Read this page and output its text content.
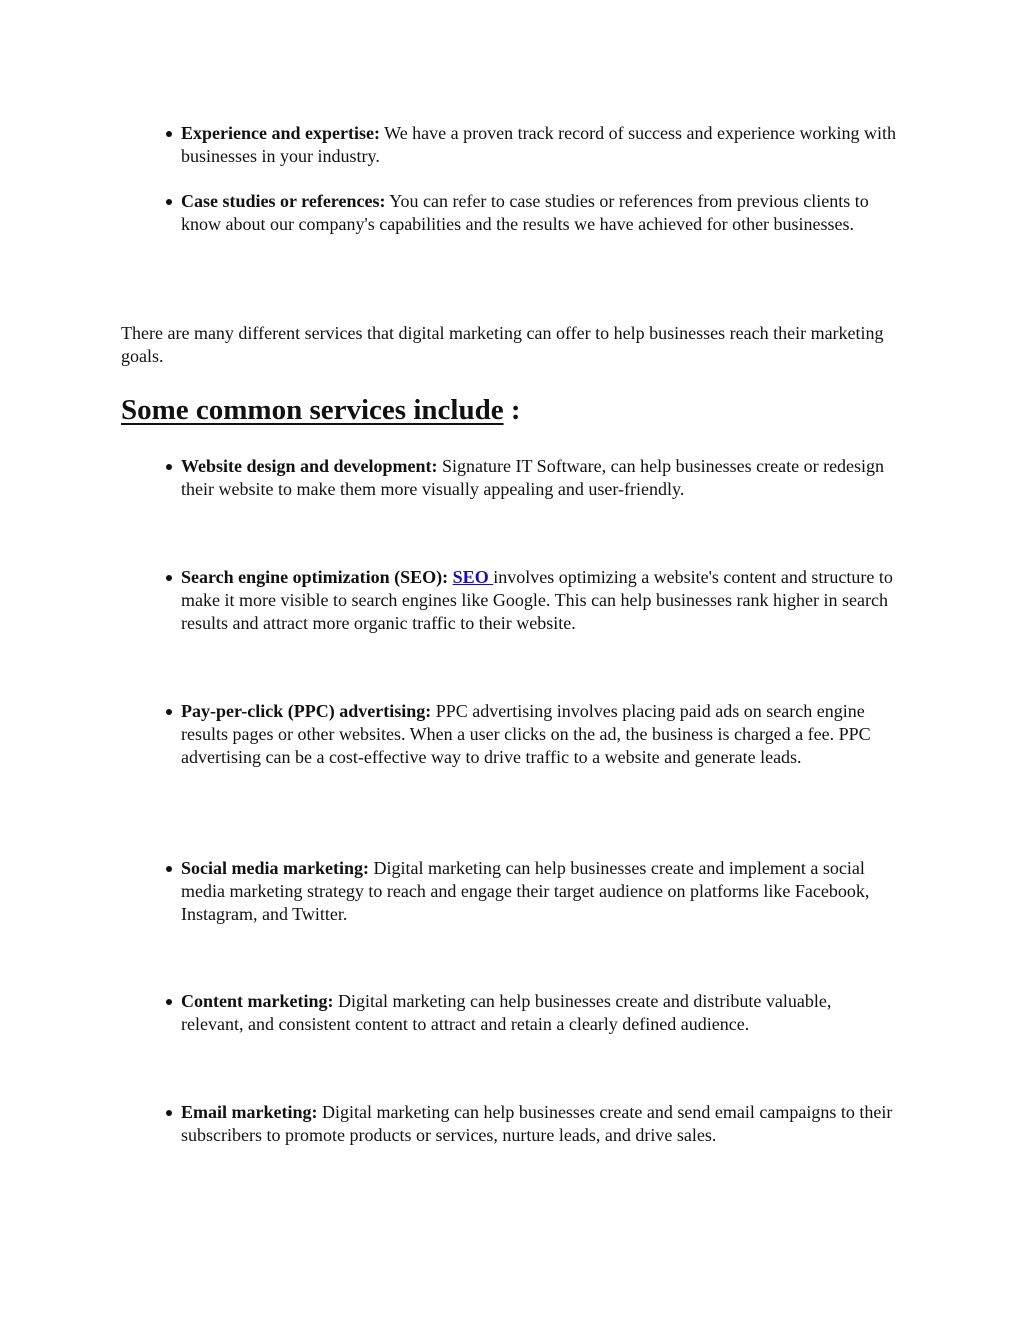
Experience and expertise: We have a proven track record of success and experience working with businesses in your industry.
Case studies or references: You can refer to case studies or references from previous clients to know about our company's capabilities and the results we have achieved for other businesses.
There are many different services that digital marketing can offer to help businesses reach their marketing goals.
Some common services include :
Website design and development: Signature IT Software, can help businesses create or redesign their website to make them more visually appealing and user-friendly.
Search engine optimization (SEO): SEO involves optimizing a website's content and structure to make it more visible to search engines like Google. This can help businesses rank higher in search results and attract more organic traffic to their website.
Pay-per-click (PPC) advertising: PPC advertising involves placing paid ads on search engine results pages or other websites. When a user clicks on the ad, the business is charged a fee. PPC advertising can be a cost-effective way to drive traffic to a website and generate leads.
Social media marketing: Digital marketing can help businesses create and implement a social media marketing strategy to reach and engage their target audience on platforms like Facebook, Instagram, and Twitter.
Content marketing: Digital marketing can help businesses create and distribute valuable, relevant, and consistent content to attract and retain a clearly defined audience.
Email marketing: Digital marketing can help businesses create and send email campaigns to their subscribers to promote products or services, nurture leads, and drive sales.
